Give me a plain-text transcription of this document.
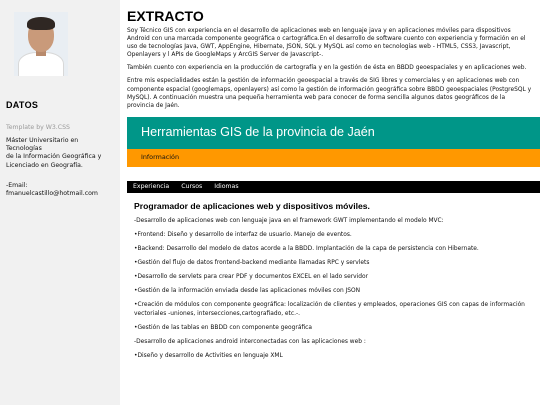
DATOS
Template by W3.CSS
Máster Universitario en Tecnologías
de la Información Geográfica y
Licenciado en Geografía.
-Email:
fmanuelcastillo@hotmail.com
EXTRACTO

Soy Técnico GIS con experiencia en el desarrollo de aplicaciones web en lenguaje java y en aplicaciones móviles para dispositivos Android con una marcada componente geográfica o cartográfica.En el desarrollo de software cuento con experiencia y formación en el uso de tecnologías Java, GWT, AppEngine, Hibernate, JSON, SQL y MySQL así como en tecnologías web - HTML5, CSS3, Javascript, Openlayers y l APIs de GoogleMaps y ArcGIS Server de Javascript-.

También cuento con experiencia en la producción de cartografía y en la gestión de ésta en BBDD geoespaciales y en aplicaciones web.

Entre mis especialidades están la gestión de información geoespacial a través de SIG libres y comerciales y en aplicaciones web con componente espacial (googlemaps, openlayers) así como la gestión de información geográfica sobre BBDD geoespaciales (PostgreSQL y MySQL). A continuación muestra una pequeña herramienta web para conocer de forma sencilla algunos datos geográficos de la provincia de Jaén.

Herramientas GIS de la provincia de Jaén
Información
Experiencia Cursos Idiomas
Programador de aplicaciones web y dispositivos móviles.
-Desarrollo de aplicaciones web con lenguaje java en el framework GWT implementando el modelo MVC:
•Frontend: Diseño y desarrollo de interfaz de usuario. Manejo de eventos.
•Backend: Desarrollo del modelo de datos acorde a la BBDD. Implantación de la capa de persistencia con Hibernate.
•Gestión del flujo de datos frontend-backend mediante llamadas RPC y servlets
•Desarrollo de servlets para crear PDF y documentos EXCEL en el lado servidor
•Gestión de la información enviada desde las aplicaciones móviles con JSON
•Creación de módulos con componente geográfica: localización de clientes y empleados, operaciones GIS con capas de información vectoriales -uniones, intersecciones,cartografiado, etc.-.
•Gestión de las tablas en BBDD con componente geográfica
-Desarrollo de aplicaciones android interconectadas con las aplicaciones web :
•Diseño y desarrollo de Activities en lenguaje XML
